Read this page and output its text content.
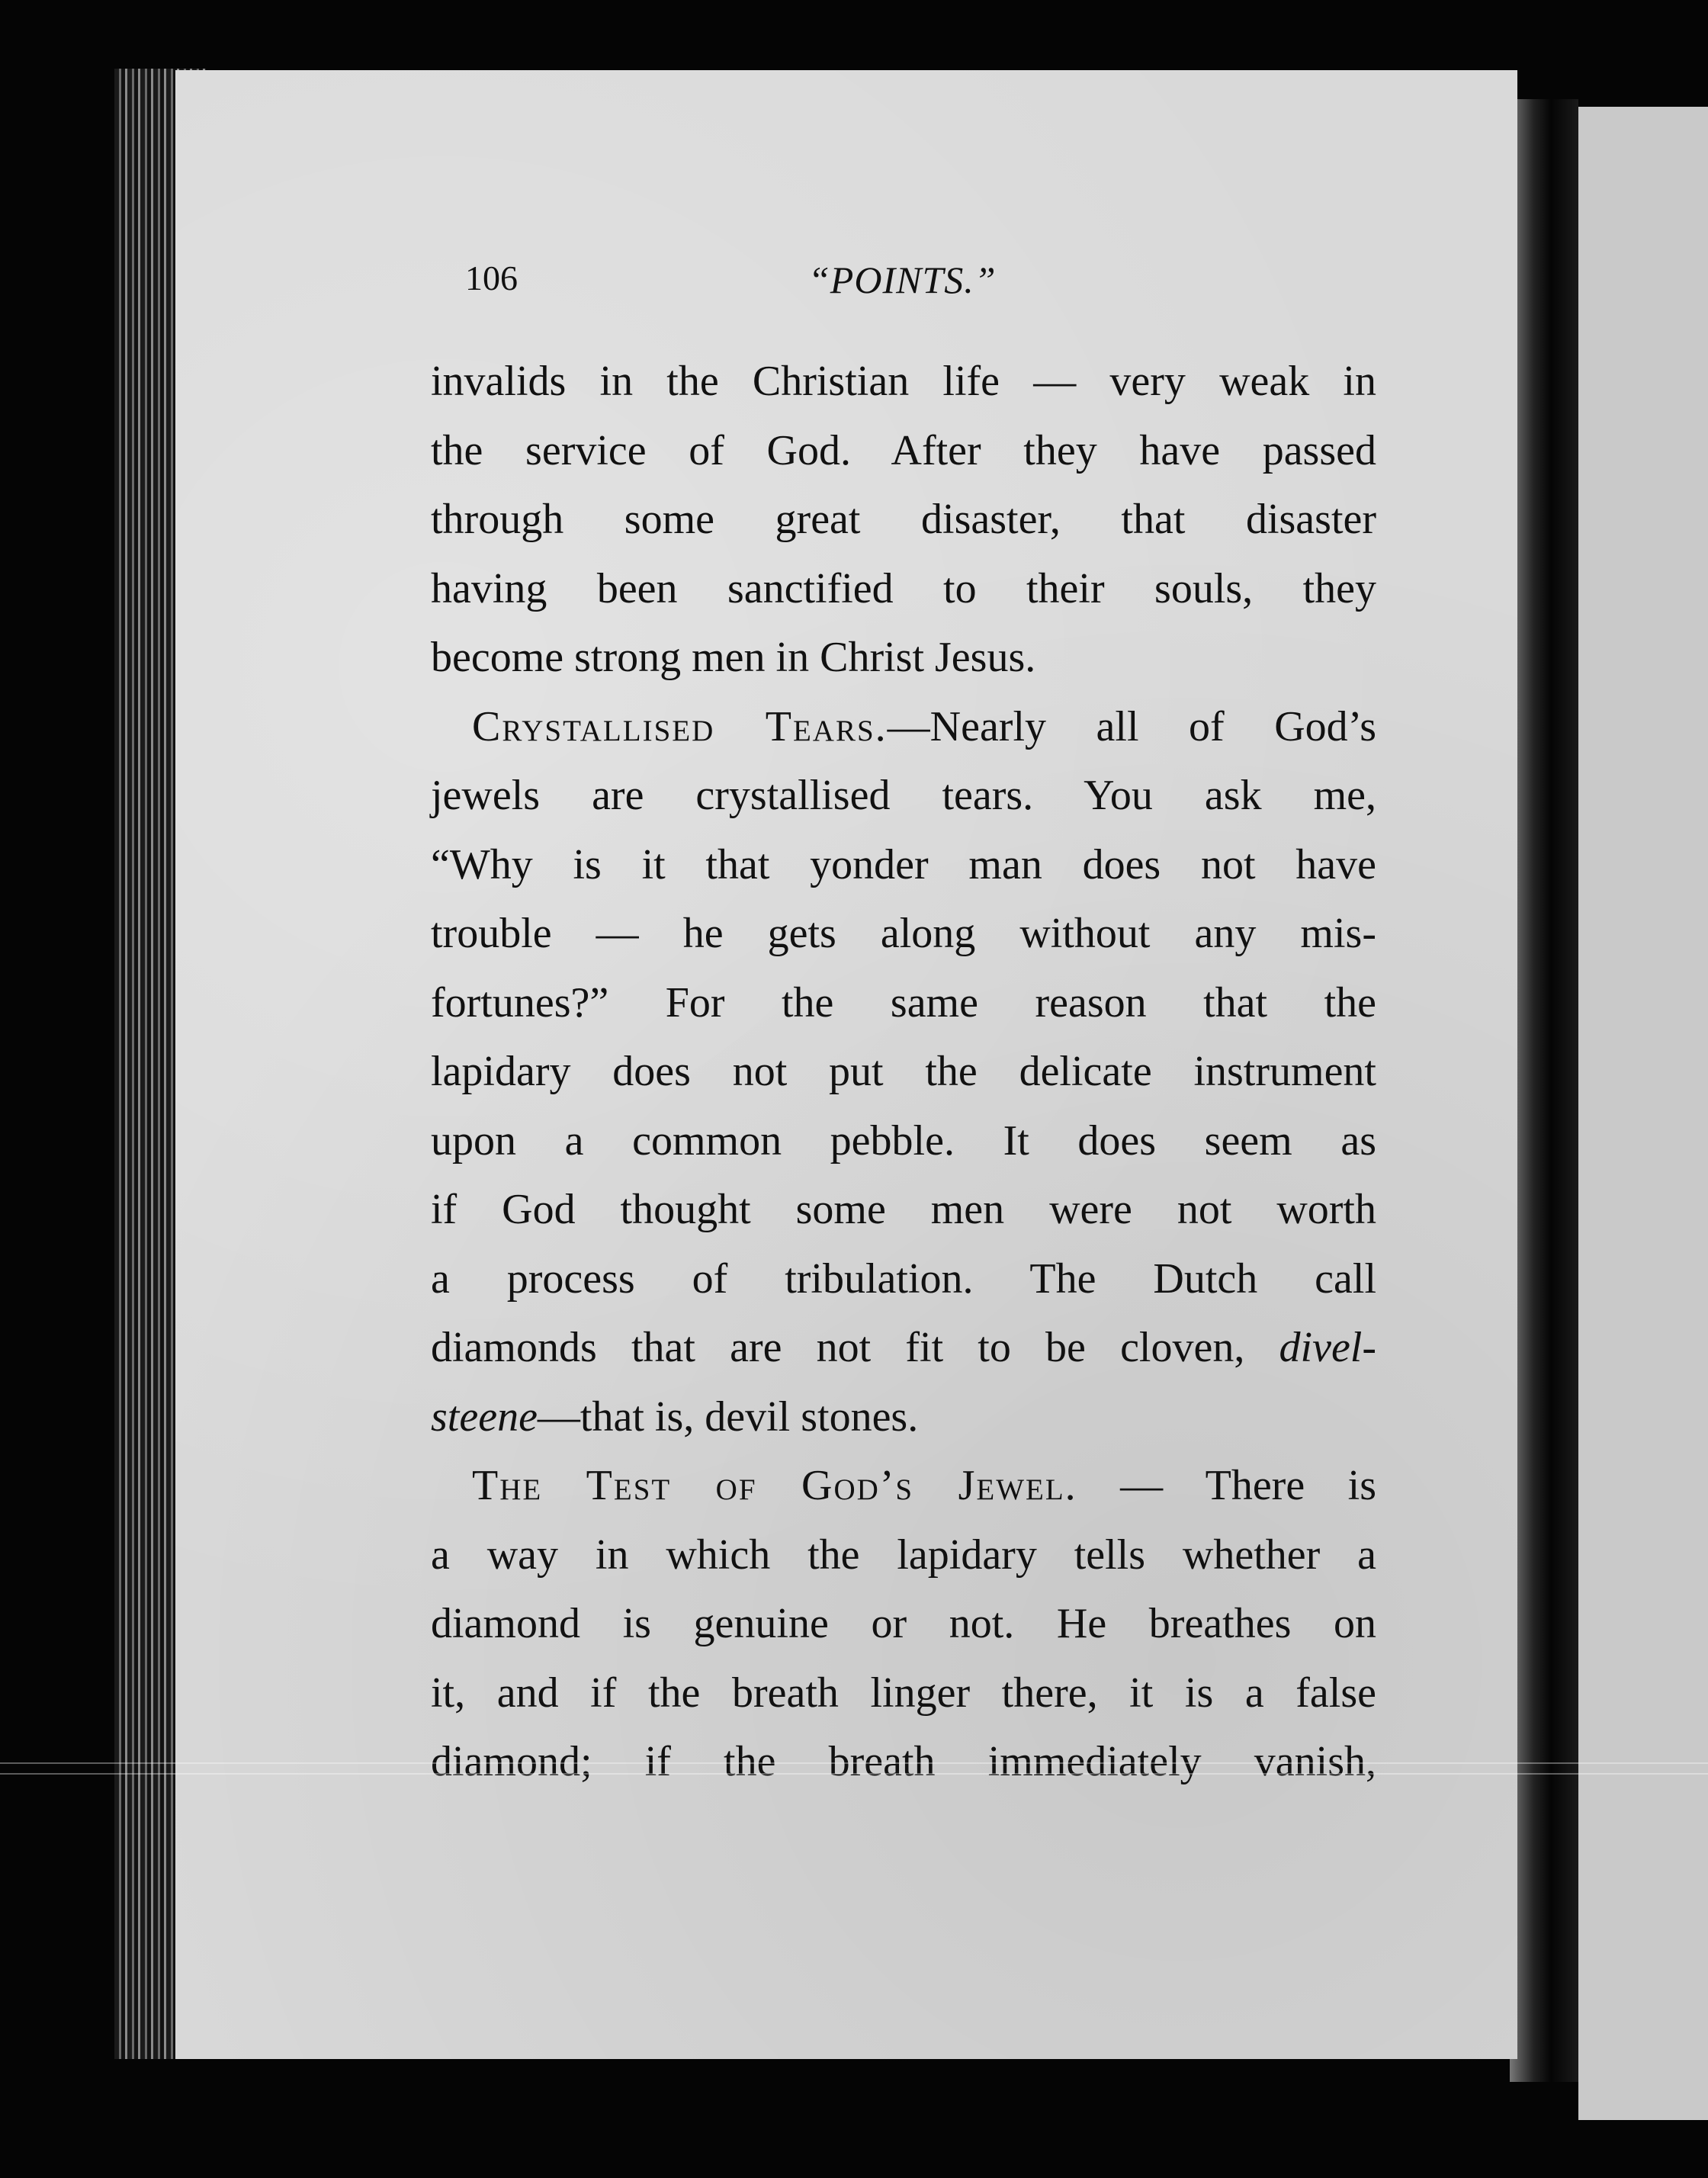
106	“POINTS.”
invalids in the Christian life — very weak in
the service of God. After they have passed
through some great disaster, that disaster
having been sanctified to their souls, they
become strong men in Christ Jesus.
Crystallised Tears.—Nearly all of God’s
jewels are crystallised tears. You ask me,
“Why is it that yonder man does not have
trouble — he gets along without any mis-
fortunes?” For the same reason that the
lapidary does not put the delicate instrument
upon a common pebble. It does seem as
if God thought some men were not worth
a process of tribulation. The Dutch call
diamonds that are not fit to be cloven, divel-
steene—that is, devil stones.
The Test of God’s Jewel. — There is
a way in which the lapidary tells whether a
diamond is genuine or not. He breathes on
it, and if the breath linger there, it is a false
diamond; if the breath immediately vanish,
